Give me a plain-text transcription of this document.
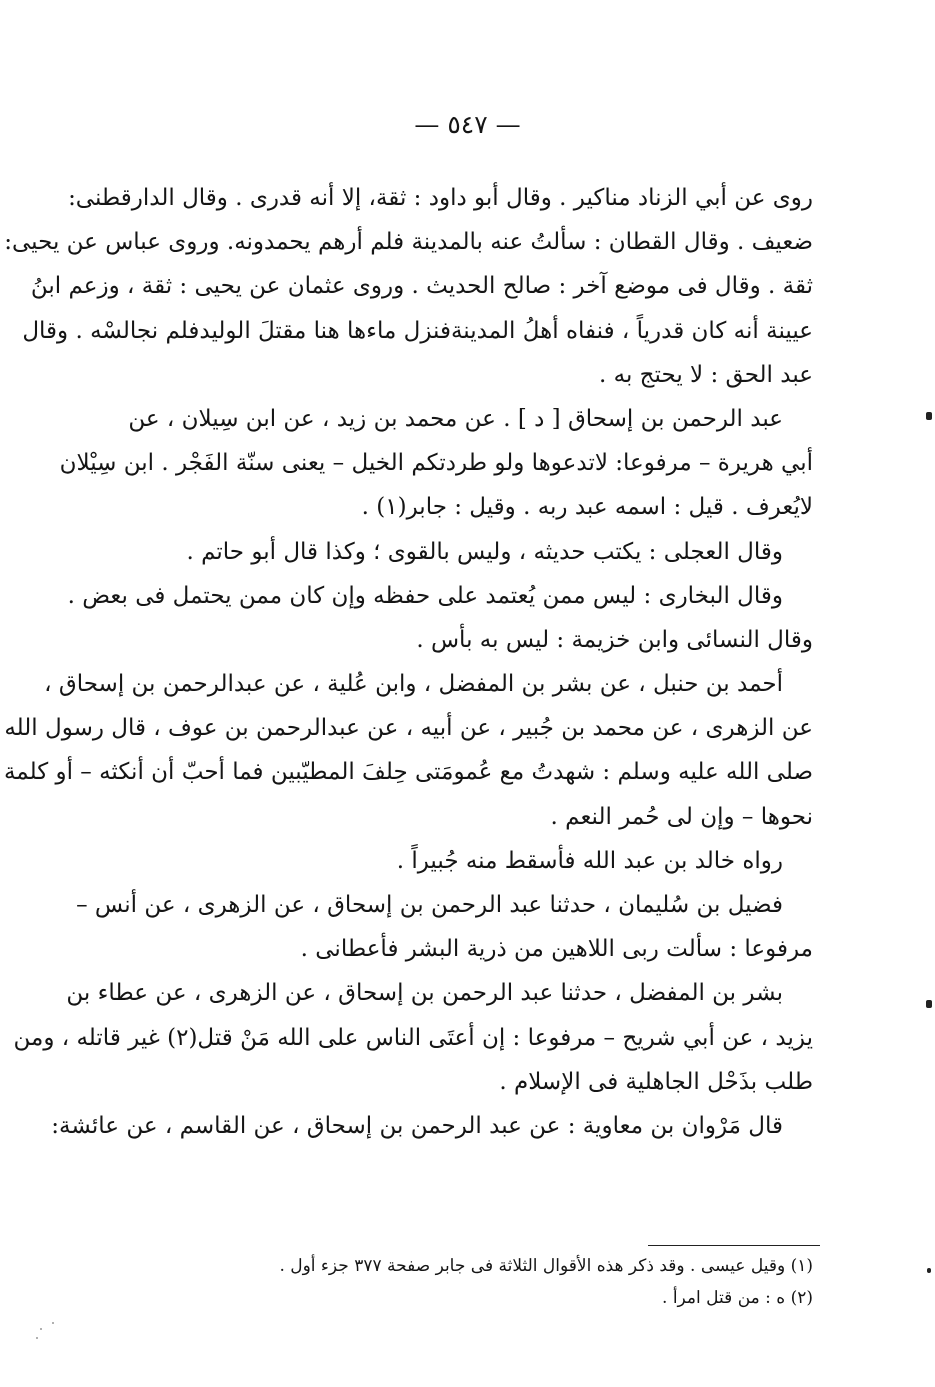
— ٥٤٧ —
روى عن أبي الزناد مناكير . وقال أبو داود : ثقة، إلا أنه قدرى . وقال الدارقطنى:
ضعيف . وقال القطان : سألتُ عنه بالمدينة فلم أرهم يحمدونه. وروى عباس عن يحيى:
ثقة . وقال فى موضع آخر : صالح الحديث . وروى عثمان عن يحيى : ثقة ، وزعم ابنُ
عيينة أنه كان قدرياً ، فنفاه أهلُ المدينةفنزل ماءها هنا مقتلَ الوليدفلم نجالسْه . وقال
عبد الحق : لا يحتج به .
عبد الرحمن بن إسحاق [ د ] . عن محمد بن زيد ، عن ابن سِيلان ، عن
أبي هريرة – مرفوعا: لاتدعوها ولو طردتكم الخيل – يعنى سنّة الفَجْر . ابن سِيْلان
لايُعرف . قيل : اسمه عبد ربه . وقيل : جابر(١) .
وقال العجلى : يكتب حديثه ، وليس بالقوى ؛ وكذا قال أبو حاتم .
وقال البخارى : ليس ممن يُعتمد على حفظه وإن كان ممن يحتمل فى بعض .
وقال النسائى وابن خزيمة : ليس به بأس .
أحمد بن حنبل ، عن بشر بن المفضل ، وابن عُلية ، عن عبدالرحمن بن إسحاق ،
عن الزهرى ، عن محمد بن جُبير ، عن أبيه ، عن عبدالرحمن بن عوف ، قال رسول الله
صلى الله عليه وسلم : شهدتُ مع عُمومَتى حِلفَ المطيّبين فما أحبّ أن أنكثه – أو كلمة
نحوها – وإن لى حُمر النعم .
رواه خالد بن عبد الله فأسقط منه جُبيراً .
فضيل بن سُليمان ، حدثنا عبد الرحمن بن إسحاق ، عن الزهرى ، عن أنس –
مرفوعا : سألت ربى اللاهين من ذرية البشر فأعطانى .
بشر بن المفضل ، حدثنا عبد الرحمن بن إسحاق ، عن الزهرى ، عن عطاء بن
يزيد ، عن أبي شريح – مرفوعا : إن أعتَى الناس على الله مَنْ قتل(٢) غير قاتله ، ومن
طلب بذَحْل الجاهلية فى الإسلام .
قال مَرْوان بن معاوية : عن عبد الرحمن بن إسحاق ، عن القاسم ، عن عائشة:
(١) وقيل عيسى . وقد ذكر هذه الأقوال الثلاثة فى جابر صفحة ٣٧٧ جزء أول .
(٢) ه : من قتل امرأ .
